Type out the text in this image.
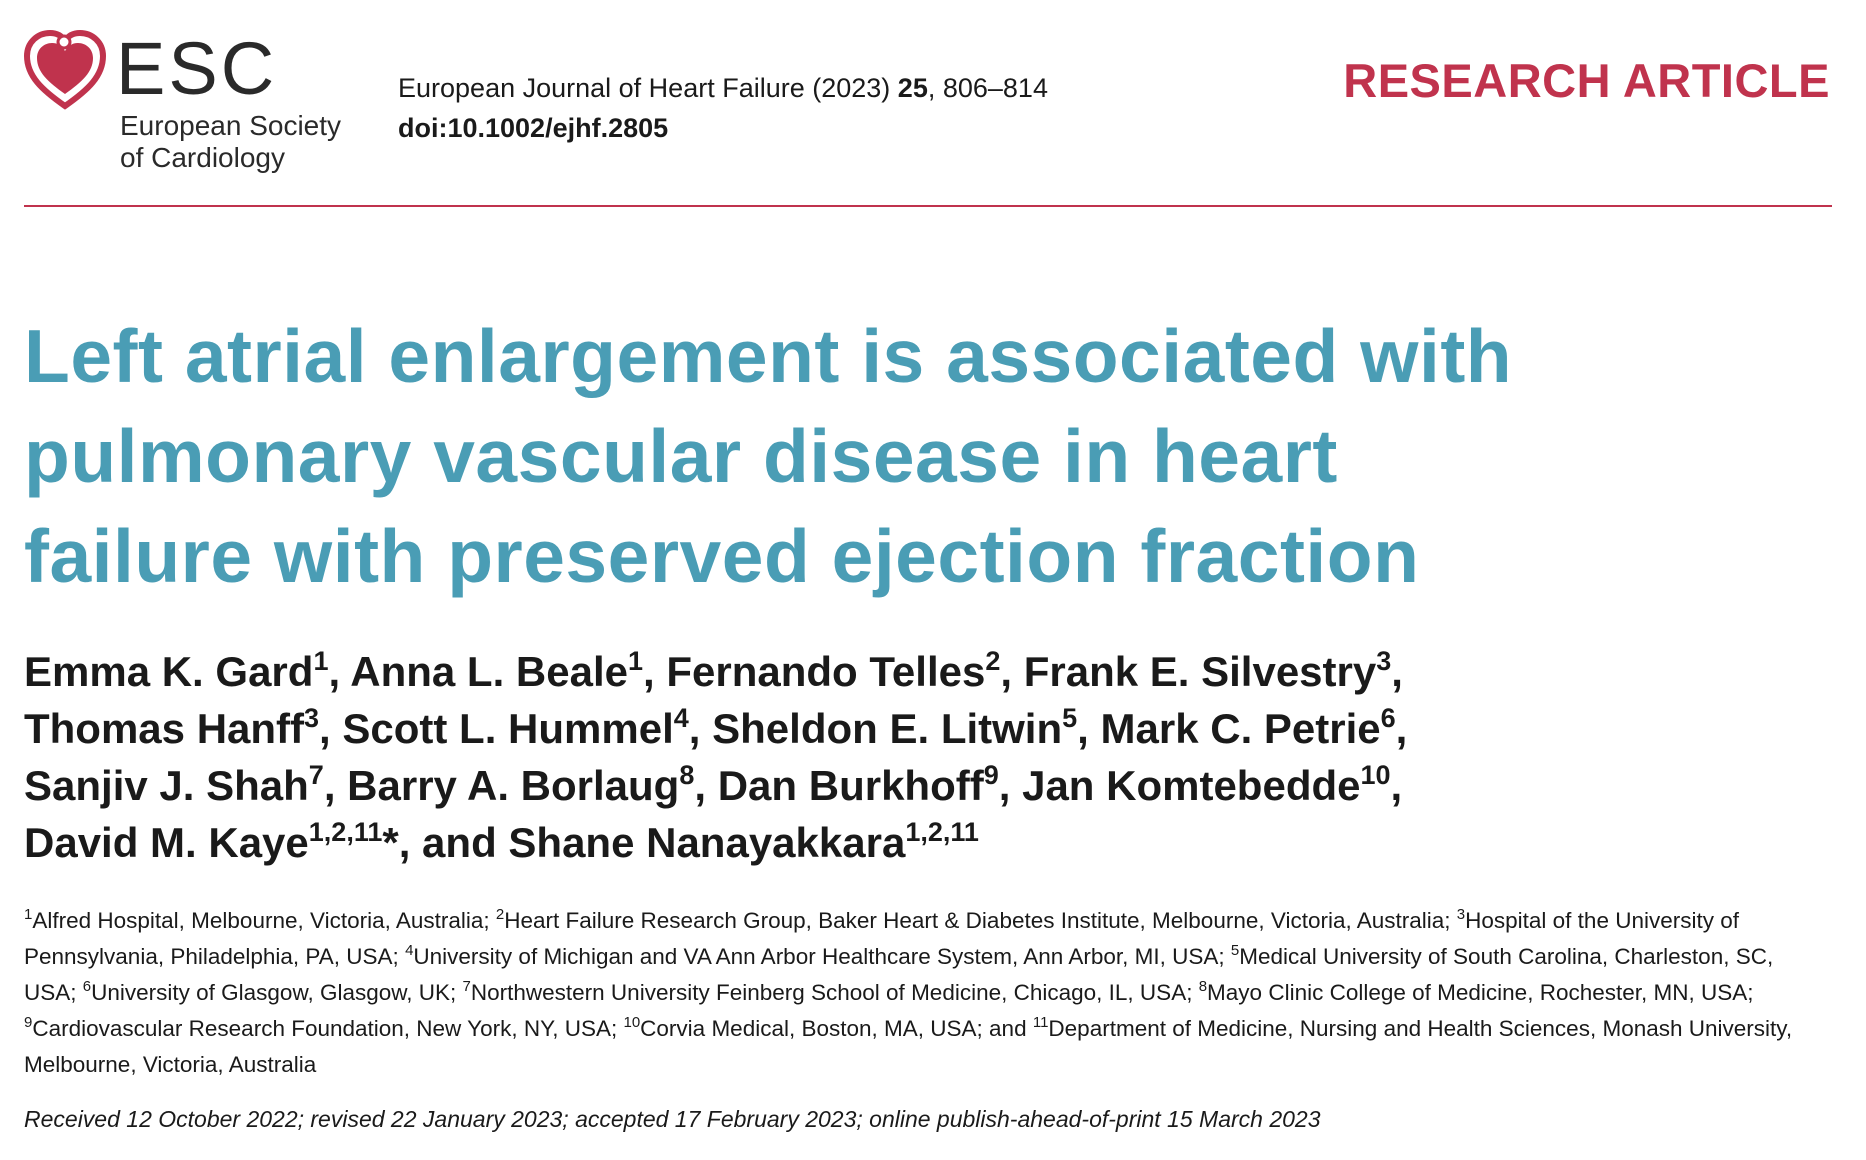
ESC
European Society
of Cardiology
European Journal of Heart Failure (2023) 25, 806–814
doi:10.1002/ejhf.2805
RESEARCH ARTICLE
Left atrial enlargement is associated with
pulmonary vascular disease in heart
failure with preserved ejection fraction
Emma K. Gard$^1$, Anna L. Beale$^1$, Fernando Telles$^2$, Frank E. Silvestry$^3$,
Thomas Hanff$^3$, Scott L. Hummel$^4$, Sheldon E. Litwin$^5$, Mark C. Petrie$^6$,
Sanjiv J. Shah$^7$, Barry A. Borlaug$^8$, Dan Burkhoff$^9$, Jan Komtebedde$^{10}$,
David M. Kaye$^{1,2,11}$*, and Shane Nanayakkara$^{1,2,11}$
$^1$Alfred Hospital, Melbourne, Victoria, Australia; $^2$Heart Failure Research Group, Baker Heart & Diabetes Institute, Melbourne, Victoria, Australia; $^3$Hospital of the University of Pennsylvania, Philadelphia, PA, USA; $^4$University of Michigan and VA Ann Arbor Healthcare System, Ann Arbor, MI, USA; $^5$Medical University of South Carolina, Charleston, SC, USA; $^6$University of Glasgow, Glasgow, UK; $^7$Northwestern University Feinberg School of Medicine, Chicago, IL, USA; $^8$Mayo Clinic College of Medicine, Rochester, MN, USA; $^9$Cardiovascular Research Foundation, New York, NY, USA; $^{10}$Corvia Medical, Boston, MA, USA; and $^{11}$Department of Medicine, Nursing and Health Sciences, Monash University, Melbourne, Victoria, Australia
Received 12 October 2022; revised 22 January 2023; accepted 17 February 2023; online publish-ahead-of-print 15 March 2023
